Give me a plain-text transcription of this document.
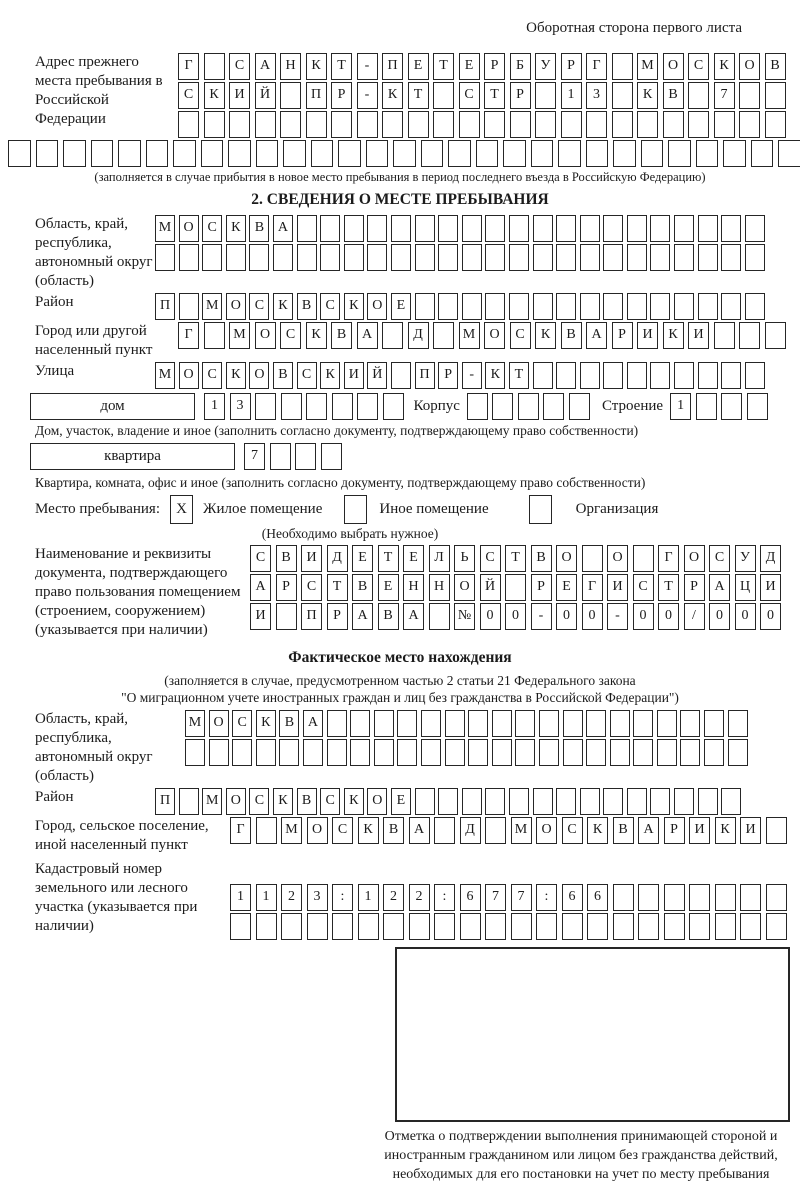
Оборотная сторона первого листа
Адрес прежнего места пребывания в Российской Федерации
Г	С	А	Н	К	Т	-	П	Е	Т	Е	Р	Б	У	Р	Г	М	О	С	К	О	В
С	К	И	Й	П	Р	-	К	Т	С	Т	Р	1	3	К	В	7
(заполняется в случае прибытия в новое место пребывания в период последнего въезда в Российскую Федерацию)
2. СВЕДЕНИЯ О МЕСТЕ ПРЕБЫВАНИЯ
Область, край, республика, автономный округ (область)
М О С	К	В А
Район	П	М О С	К	В	С	К О	Е
Город или другой населенный пункт
Г	М	О	С	К	В	А	Д	М	О	С	К	В	А	Р	И	К	И
Улица	М О С	К О В	С	К И Й	П	Р	-	К	Т
дом	1	3	Корпус	Строение	1
Дом, участок, владение и иное (заполнить согласно документу, подтверждающему право собственности)
квартира	7
Квартира, комната, офис и иное (заполнить согласно документу, подтверждающему право собственности)
Место пребывания:	X	Жилое помещение	Иное помещение	Организация
(Необходимо выбрать нужное)
Наименование и реквизиты документа, подтверждающего право пользования помещением (строением, сооружением) (указывается при наличии)
С	В	И	Д	Е	Т	Е	Л	Ь	С	Т	В	О	О	Г	О	С	У	Д
А	Р	С	Т	В	Е	Н	Н	О	Й	Р	Е	Г	И	С	Т	Р	А	Ц	И
И	П	Р	А	В	А	№	0	0	-	0	0	-	0	0	/	0	0	0
Фактическое место нахождения
(заполняется в случае, предусмотренном частью 2 статьи 21 Федерального закона
"О миграционном учете иностранных граждан и лиц без гражданства в Российской Федерации")
Область, край, республика, автономный округ (область)
М О С	К	В А
Район	П	М О С	К	В	С	К О	Е
Город, сельское поселение, иной населенный пункт
Г	М	О	С	К	В	А	Д	М	О	С	К	В	А	Р	И	К	И
Кадастровый номер земельного или лесного участка (указывается при наличии)
1	1	2	3	:	1	2	2	:	6	7	7	:	6	6
Отметка о подтверждении выполнения принимающей стороной и иностранным гражданином или лицом без гражданства действий, необходимых для его постановки на учет по месту пребывания
